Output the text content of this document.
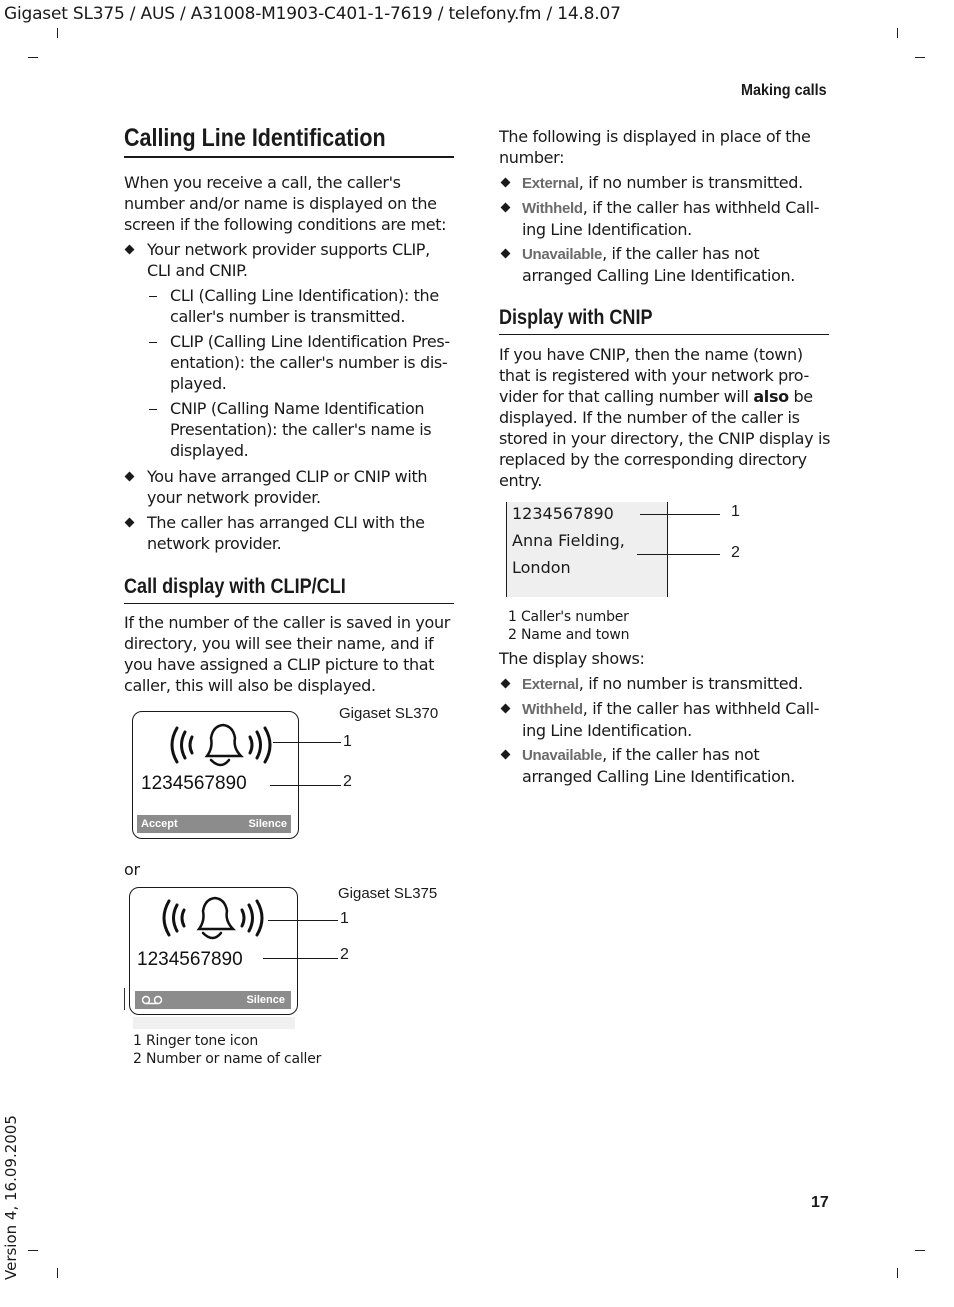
Gigaset SL375 / AUS / A31008-M1903-C401-1-7619 / telefony.fm / 14.8.07
Making calls
Version 4, 16.09.2005	17
Calling Line Identification
When you receive a call, the caller's number and/or name is displayed on the screen if the following conditions are met:
Your network provider supports CLIP, CLI and CNIP.
CLI (Calling Line Identification): the caller's number is transmitted.
CLIP (Calling Line Identification Pres-entation): the caller's number is dis-played.
CNIP (Calling Name Identification Presentation): the caller's name is displayed.
You have arranged CLIP or CNIP with your network provider.
The caller has arranged CLI with the network provider.
Call display with CLIP/CLI
If the number of the caller is saved in your directory, you will see their name, and if you have assigned a CLIP picture to that caller, this will also be displayed.
Gigaset SL370
1234567890
Accept	Silence
1
2
or
Gigaset SL375
1234567890
Silence
1
2
1 Ringer tone icon
2 Number or name of caller
The following is displayed in place of the number:
External, if no number is transmitted.
Withheld, if the caller has withheld Call-ing Line Identification.
Unavailable, if the caller has not arranged Calling Line Identification.
Display with CNIP
If you have CNIP, then the name (town) that is registered with your network pro-vider for that calling number will also be displayed. If the number of the caller is stored in your directory, the CNIP display is replaced by the corresponding directory entry.
1234567890
Anna Fielding,
London
1
2
1 Caller's number
2 Name and town
The display shows:
External, if no number is transmitted.
Withheld, if the caller has withheld Call-ing Line Identification.
Unavailable, if the caller has not arranged Calling Line Identification.
